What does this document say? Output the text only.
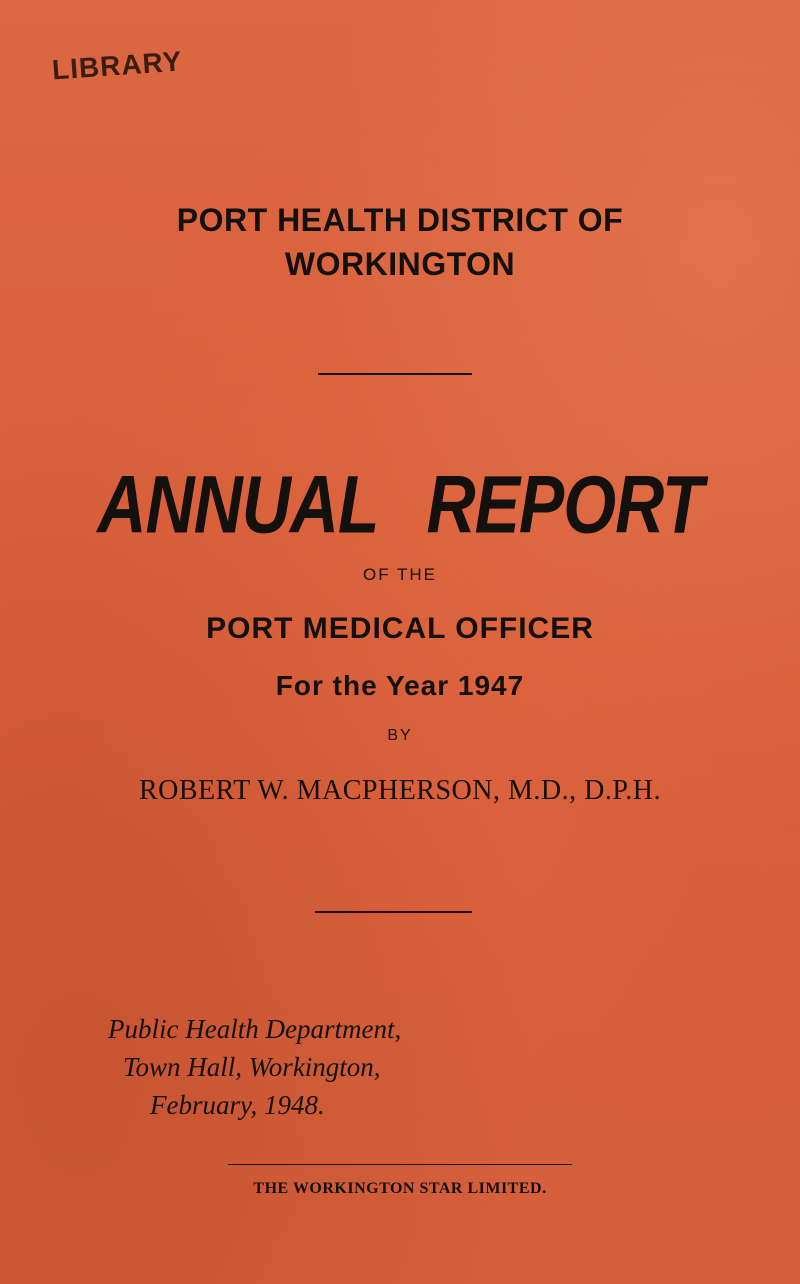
LIBRARY
PORT HEALTH DISTRICT OF
WORKINGTON
ANNUAL REPORT
OF THE
PORT MEDICAL OFFICER
For the Year 1947
BY
ROBERT W. MACPHERSON, M.D., D.P.H.
Public Health Department,
Town Hall, Workington,
February, 1948.
THE WORKINGTON STAR LIMITED.
